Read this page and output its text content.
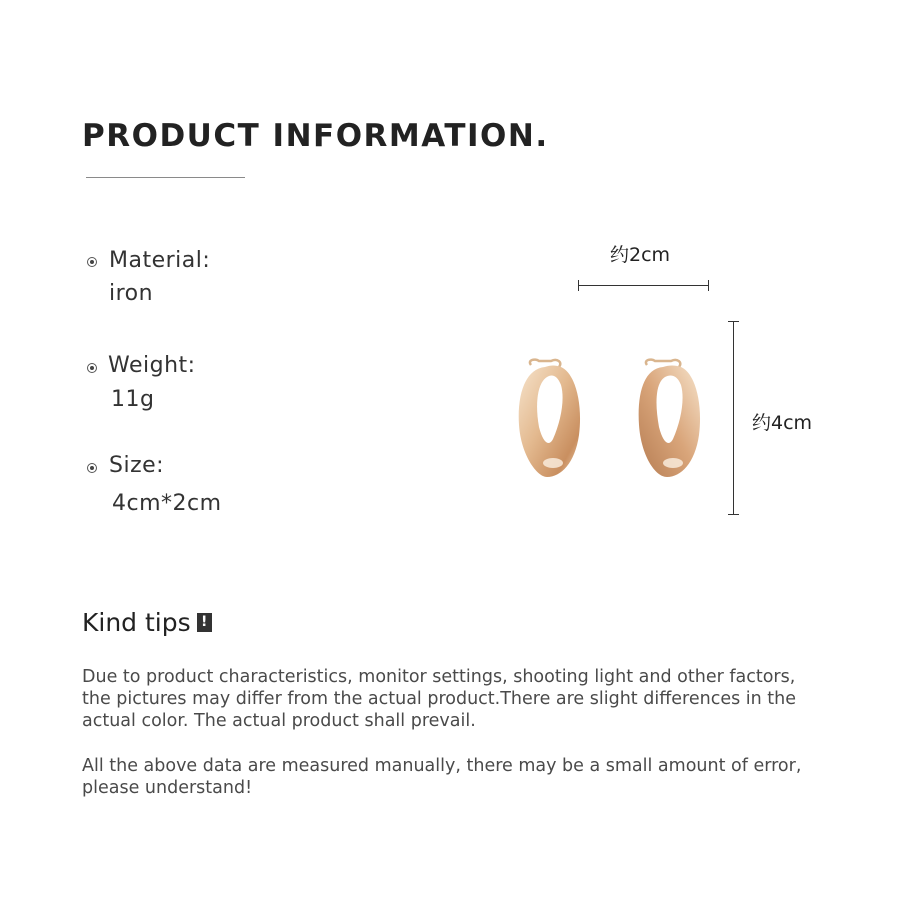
PRODUCT INFORMATION.
Material:
iron
Weight:
11g
Size:
4cm*2cm
约2cm
约4cm
Kind tips !
Due to product characteristics, monitor settings, shooting light and other factors, the pictures may differ from the actual product.There are slight differences in the actual color. The actual product shall prevail.
All the above data are measured manually, there may be a small amount of error, please understand!
